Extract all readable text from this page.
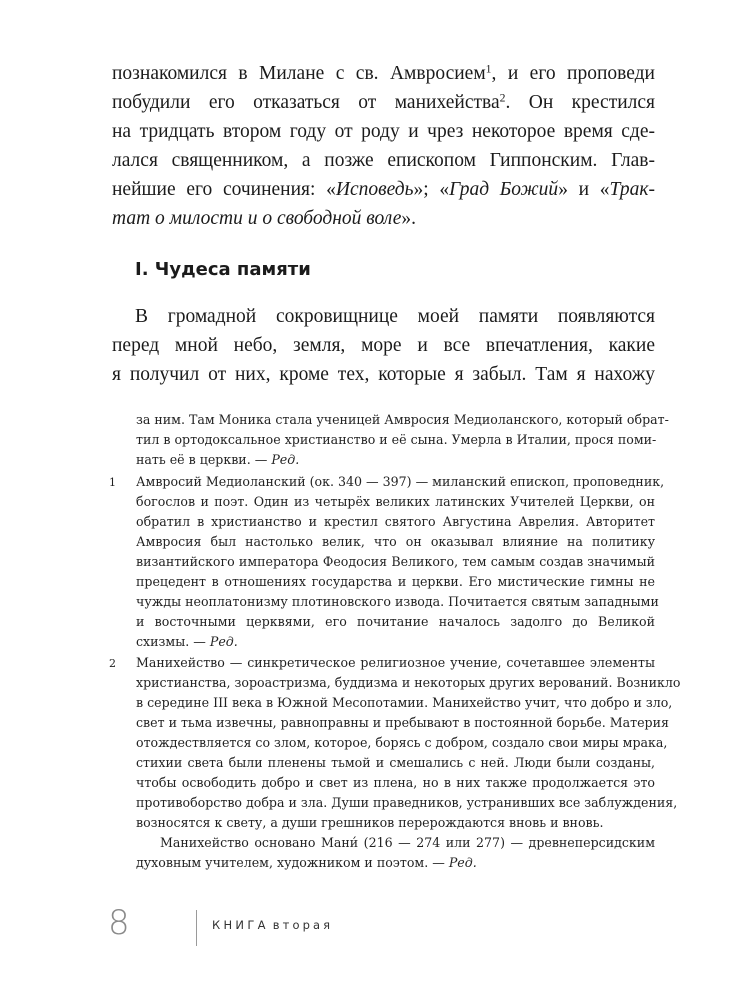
познакомился в Милане с св. Амвросием$^1$, и его проповеди
побудили его отказаться от манихейства$^2$. Он крестился
на тридцать втором году от роду и чрез некоторое время сде-
лался священником, а позже епископом Гиппонским. Глав-
нейшие его сочинения: «Исповедь»; «Град Божий» и «Трак-
тат о милости и о свободной воле».
I. Чудеса памяти
В громадной сокровищнице моей памяти появляются
перед мной небо, земля, море и все впечатления, какие
я получил от них, кроме тех, которые я забыл. Там я нахожу
за ним. Там Моника стала ученицей Амвросия Медиоланского, который обрат-
тил в ортодоксальное христианство и её сына. Умерла в Италии, прося поми-
нать её в церкви. — Ред.
1 Амвросий Медиоланский (ок. 340 — 397) — миланский епископ, проповедник,
богослов и поэт. Один из четырёх великих латинских Учителей Церкви, он
обратил в христианство и крестил святого Августина Аврелия. Авторитет
Амвросия был настолько велик, что он оказывал влияние на политику
византийского императора Феодосия Великого, тем самым создав значимый
прецедент в отношениях государства и церкви. Его мистические гимны не
чужды неоплатонизму плотиновского извода. Почитается святым западными
и восточными церквями, его почитание началось задолго до Великой
схизмы. — Ред.
2 Манихейство — синкретическое религиозное учение, сочетавшее элементы
христианства, зороастризма, буддизма и некоторых других верований. Возникло
в середине III века в Южной Месопотамии. Манихейство учит, что добро и зло,
свет и тьма извечны, равноправны и пребывают в постоянной борьбе. Материя
отождествляется со злом, которое, борясь с добром, создало свои миры мрака,
стихии света были пленены тьмой и смешались с ней. Люди были созданы,
чтобы освободить добро и свет из плена, но в них также продолжается это
противоборство добра и зла. Души праведников, устранивших все заблуждения,
возносятся к свету, а души грешников перерождаются вновь и вновь.
Манихейство основано Мани́ (216 — 274 или 277) — древнеперсидским
духовным учителем, художником и поэтом. — Ред.
8	КНИГА вторая
